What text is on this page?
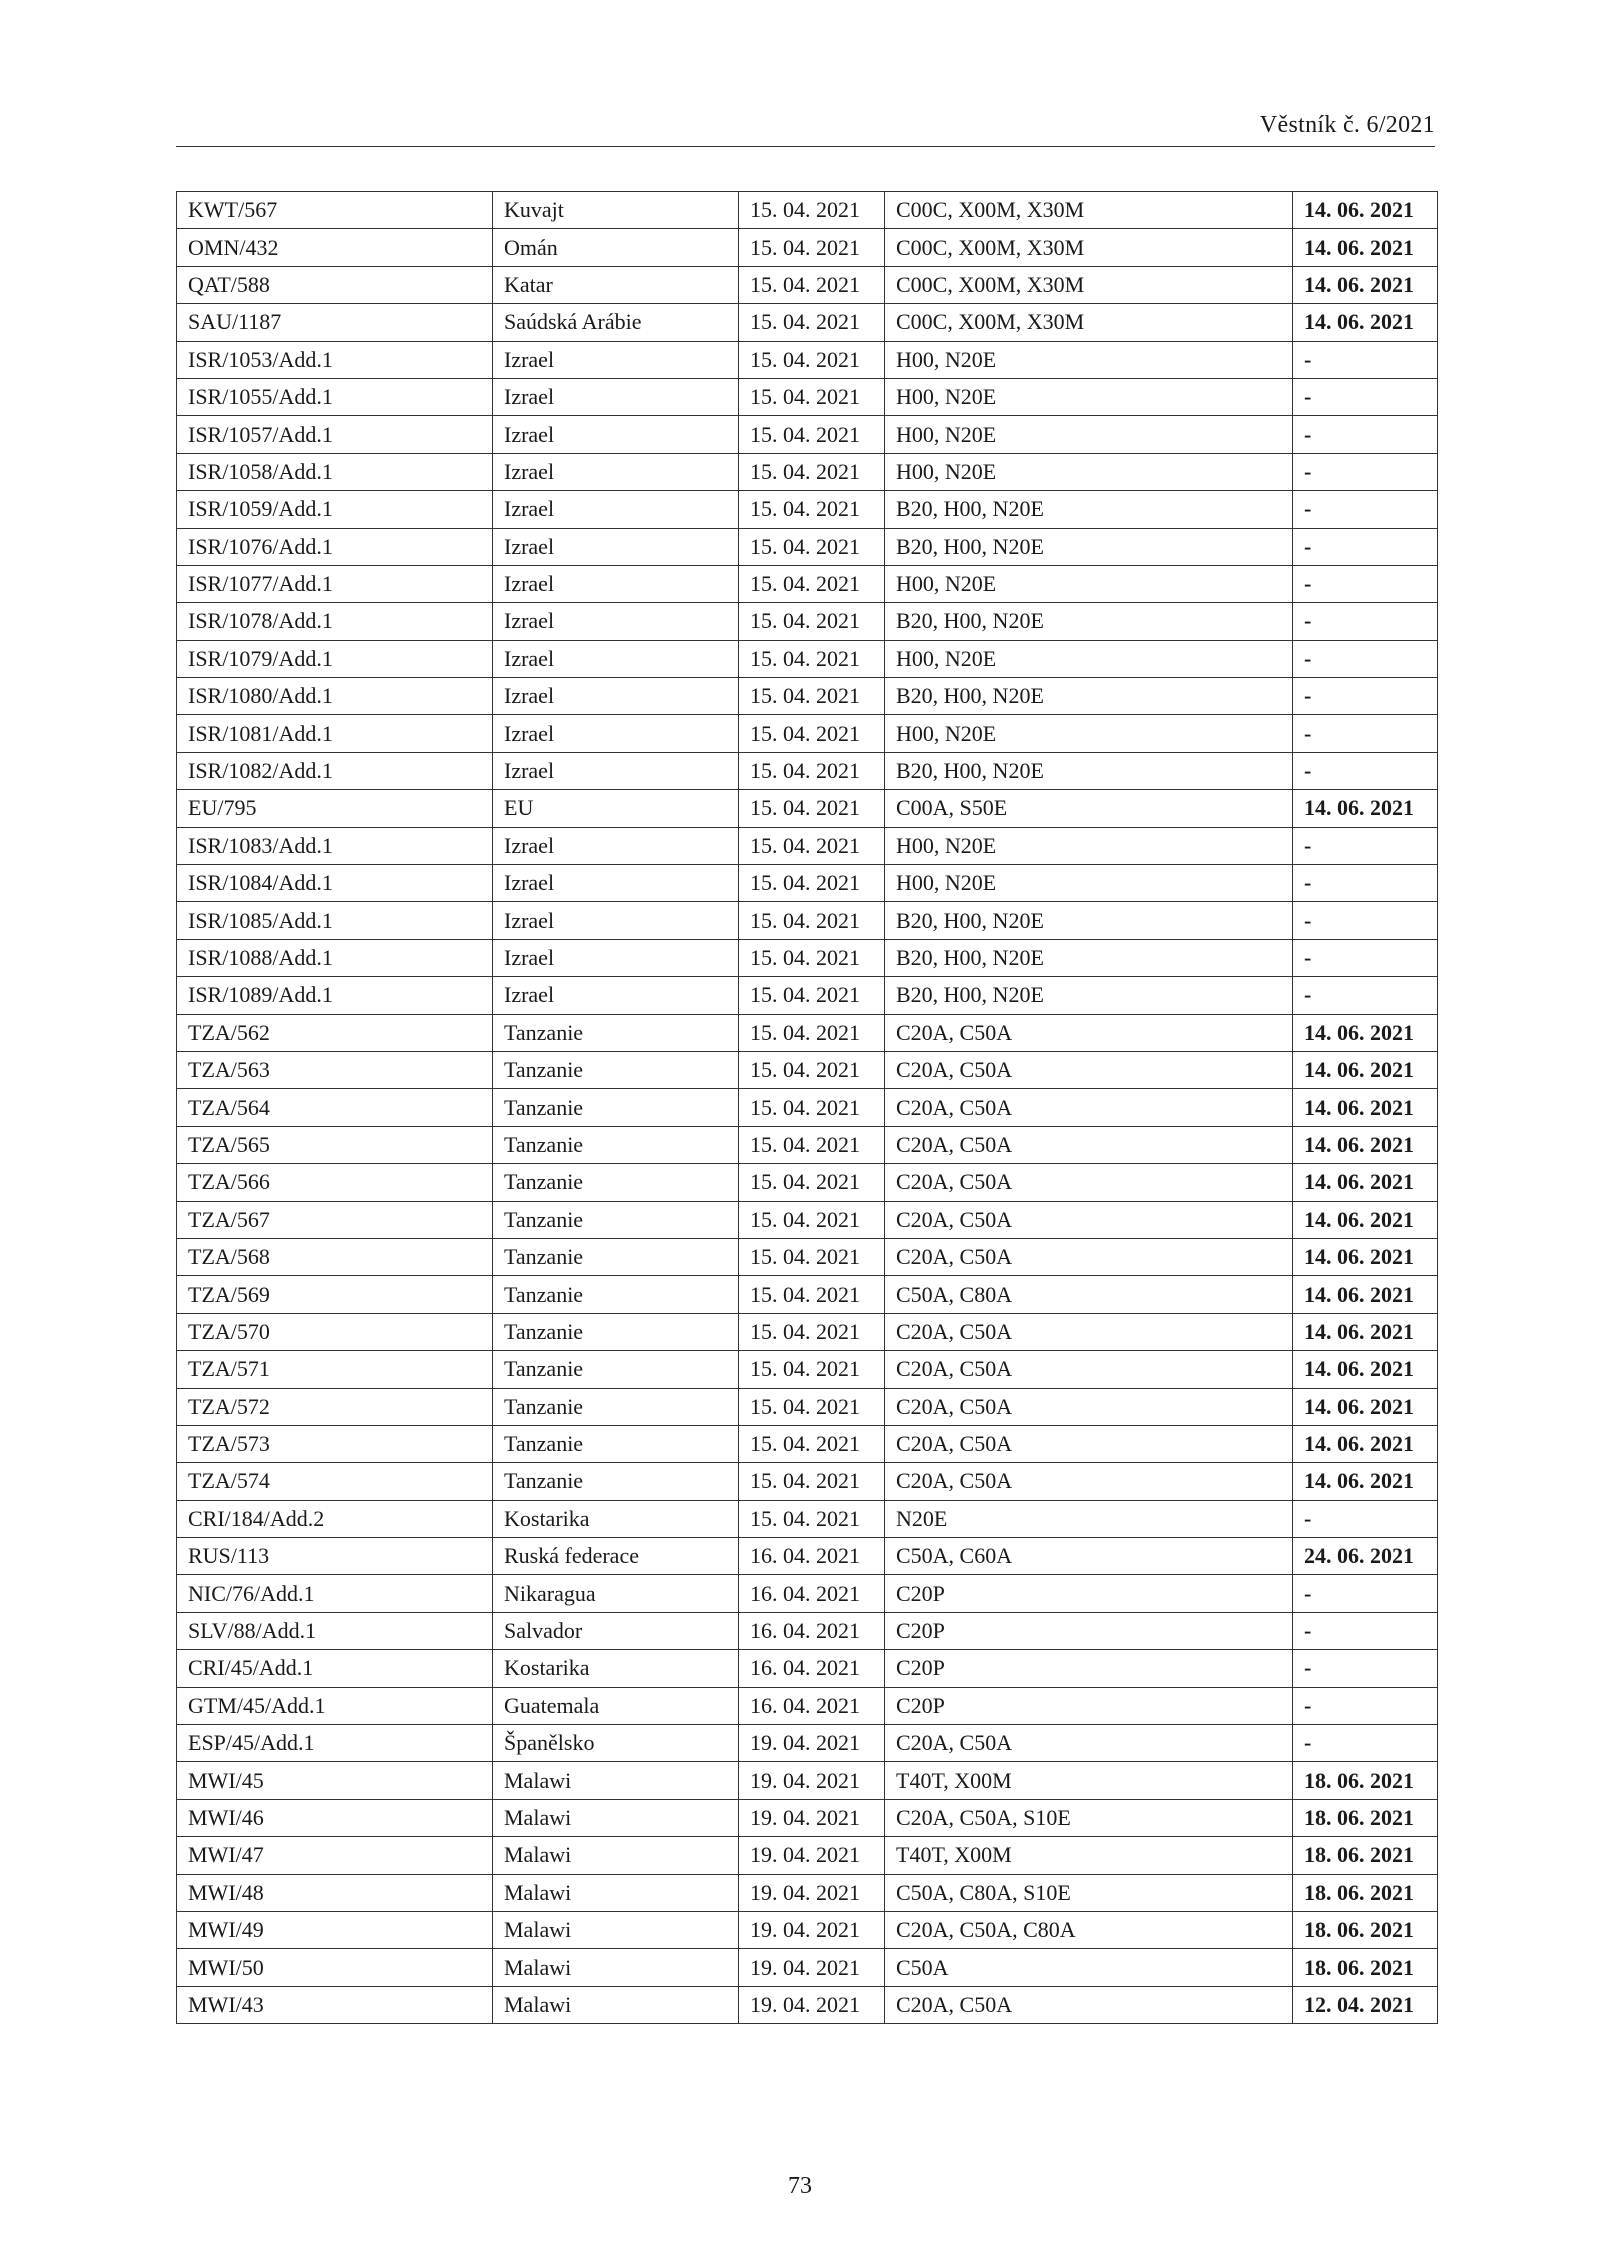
Věstník č. 6/2021
KWT/567	Kuvajt	15. 04. 2021	C00C, X00M, X30M	14. 06. 2021
OMN/432	Omán	15. 04. 2021	C00C, X00M, X30M	14. 06. 2021
QAT/588	Katar	15. 04. 2021	C00C, X00M, X30M	14. 06. 2021
SAU/1187	Saúdská Arábie	15. 04. 2021	C00C, X00M, X30M	14. 06. 2021
ISR/1053/Add.1	Izrael	15. 04. 2021	H00, N20E	-
ISR/1055/Add.1	Izrael	15. 04. 2021	H00, N20E	-
ISR/1057/Add.1	Izrael	15. 04. 2021	H00, N20E	-
ISR/1058/Add.1	Izrael	15. 04. 2021	H00, N20E	-
ISR/1059/Add.1	Izrael	15. 04. 2021	B20, H00, N20E	-
ISR/1076/Add.1	Izrael	15. 04. 2021	B20, H00, N20E	-
ISR/1077/Add.1	Izrael	15. 04. 2021	H00, N20E	-
ISR/1078/Add.1	Izrael	15. 04. 2021	B20, H00, N20E	-
ISR/1079/Add.1	Izrael	15. 04. 2021	H00, N20E	-
ISR/1080/Add.1	Izrael	15. 04. 2021	B20, H00, N20E	-
ISR/1081/Add.1	Izrael	15. 04. 2021	H00, N20E	-
ISR/1082/Add.1	Izrael	15. 04. 2021	B20, H00, N20E	-
EU/795	EU	15. 04. 2021	C00A, S50E	14. 06. 2021
ISR/1083/Add.1	Izrael	15. 04. 2021	H00, N20E	-
ISR/1084/Add.1	Izrael	15. 04. 2021	H00, N20E	-
ISR/1085/Add.1	Izrael	15. 04. 2021	B20, H00, N20E	-
ISR/1088/Add.1	Izrael	15. 04. 2021	B20, H00, N20E	-
ISR/1089/Add.1	Izrael	15. 04. 2021	B20, H00, N20E	-
TZA/562	Tanzanie	15. 04. 2021	C20A, C50A	14. 06. 2021
TZA/563	Tanzanie	15. 04. 2021	C20A, C50A	14. 06. 2021
TZA/564	Tanzanie	15. 04. 2021	C20A, C50A	14. 06. 2021
TZA/565	Tanzanie	15. 04. 2021	C20A, C50A	14. 06. 2021
TZA/566	Tanzanie	15. 04. 2021	C20A, C50A	14. 06. 2021
TZA/567	Tanzanie	15. 04. 2021	C20A, C50A	14. 06. 2021
TZA/568	Tanzanie	15. 04. 2021	C20A, C50A	14. 06. 2021
TZA/569	Tanzanie	15. 04. 2021	C50A, C80A	14. 06. 2021
TZA/570	Tanzanie	15. 04. 2021	C20A, C50A	14. 06. 2021
TZA/571	Tanzanie	15. 04. 2021	C20A, C50A	14. 06. 2021
TZA/572	Tanzanie	15. 04. 2021	C20A, C50A	14. 06. 2021
TZA/573	Tanzanie	15. 04. 2021	C20A, C50A	14. 06. 2021
TZA/574	Tanzanie	15. 04. 2021	C20A, C50A	14. 06. 2021
CRI/184/Add.2	Kostarika	15. 04. 2021	N20E	-
RUS/113	Ruská federace	16. 04. 2021	C50A, C60A	24. 06. 2021
NIC/76/Add.1	Nikaragua	16. 04. 2021	C20P	-
SLV/88/Add.1	Salvador	16. 04. 2021	C20P	-
CRI/45/Add.1	Kostarika	16. 04. 2021	C20P	-
GTM/45/Add.1	Guatemala	16. 04. 2021	C20P	-
ESP/45/Add.1	Španělsko	19. 04. 2021	C20A, C50A	-
MWI/45	Malawi	19. 04. 2021	T40T, X00M	18. 06. 2021
MWI/46	Malawi	19. 04. 2021	C20A, C50A, S10E	18. 06. 2021
MWI/47	Malawi	19. 04. 2021	T40T, X00M	18. 06. 2021
MWI/48	Malawi	19. 04. 2021	C50A, C80A, S10E	18. 06. 2021
MWI/49	Malawi	19. 04. 2021	C20A, C50A, C80A	18. 06. 2021
MWI/50	Malawi	19. 04. 2021	C50A	18. 06. 2021
MWI/43	Malawi	19. 04. 2021	C20A, C50A	12. 04. 2021
73
